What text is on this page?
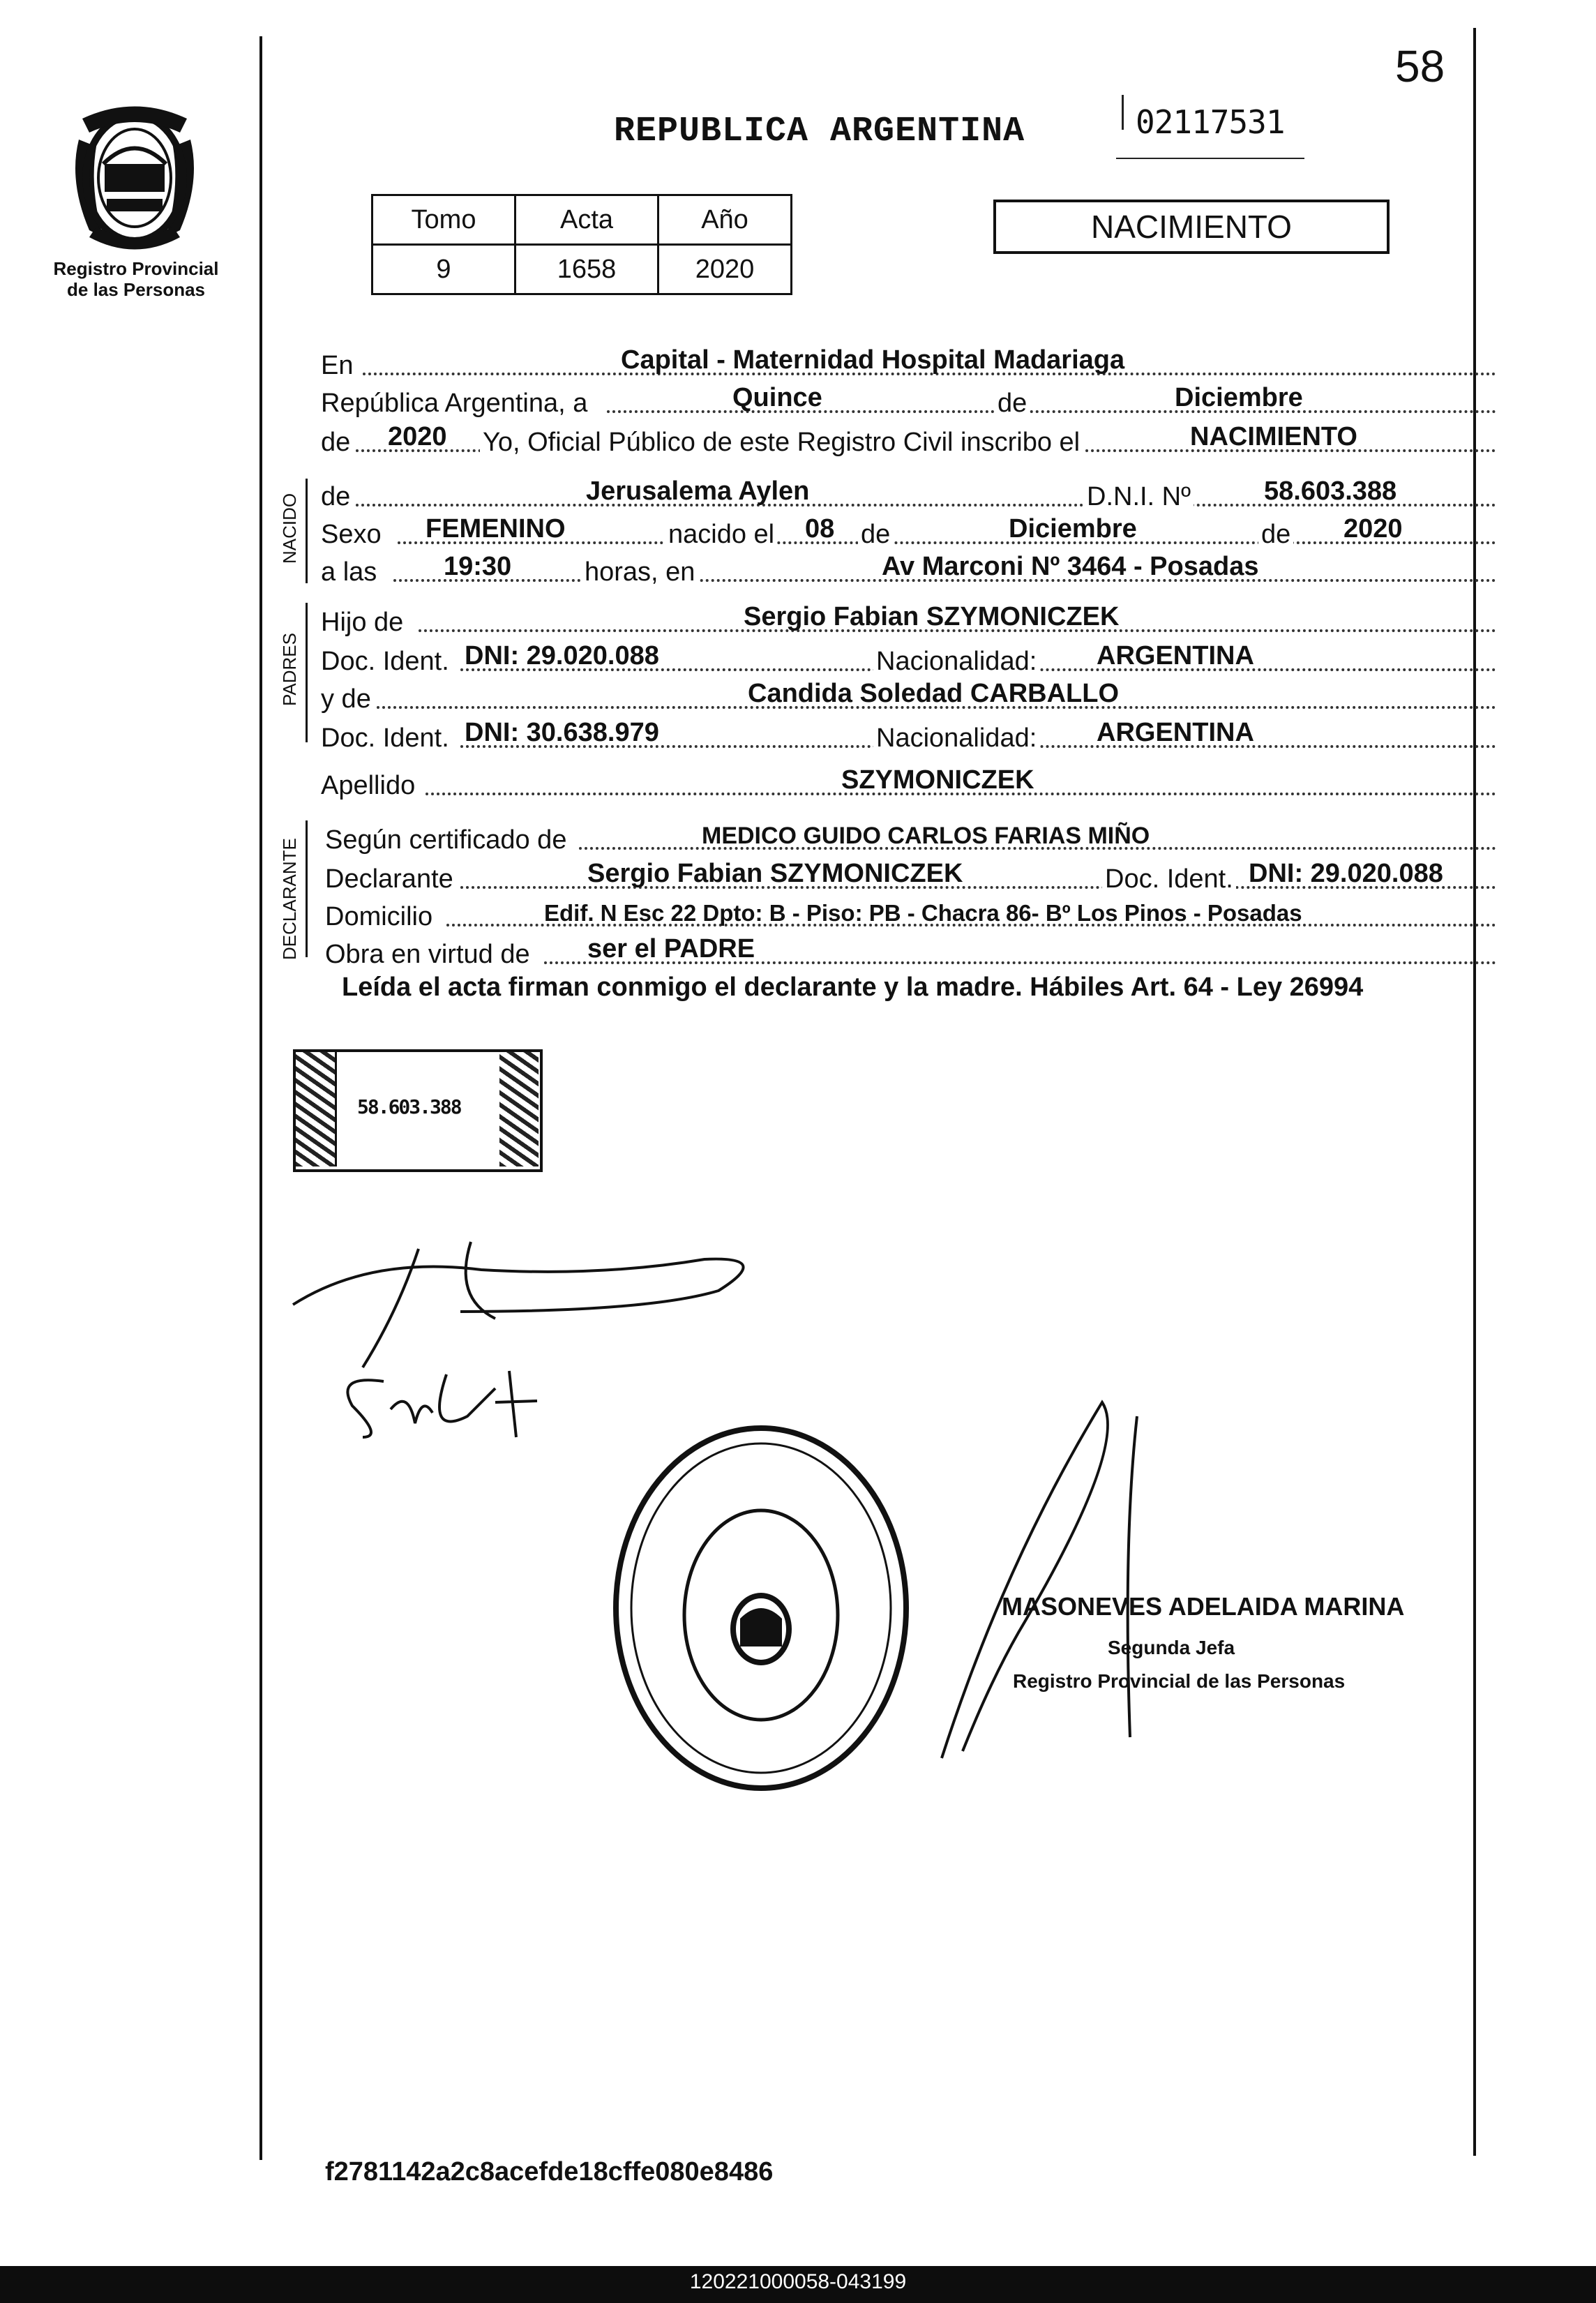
58
Registro Provincial
de las Personas
REPUBLICA ARGENTINA	02117531
Tomo	Acta	Año
9	1658	2020
NACIMIENTO
En	Capital - Maternidad Hospital Madariaga
República Argentina, a	Quince	de	Diciembre
de 2020 Yo, Oficial Público de este Registro Civil inscribo el	NACIMIENTO
NACIDO de	Jerusalema Aylen	D.N.I. Nº	58.603.388
Sexo FEMENINO	nacido el 08 de	Diciembre	de 2020
a las	19:30	horas, en	Av Marconi Nº 3464 - Posadas
PADRES
Hijo de	Sergio Fabian SZYMONICZEK
Doc. Ident. DNI: 29.020.088	Nacionalidad: ARGENTINA
y de	Candida Soledad CARBALLO
Doc. Ident. DNI: 30.638.979	Nacionalidad: ARGENTINA
Apellido	SZYMONICZEK
DECLARANTE Según certificado de	MEDICO GUIDO CARLOS FARIAS MIÑO
Declarante	Sergio Fabian SZYMONICZEK	Doc. Ident. DNI: 29.020.088
Domicilio	Edif. N Esc 22 Dpto: B - Piso: PB - Chacra 86- Bº Los Pinos - Posadas
Obra en virtud de ser el PADRE
Leída el acta firman conmigo el declarante y la madre. Hábiles Art. 64 - Ley 26994
58.603.388
MASONEVES ADELAIDA MARINA
Segunda Jefa
Registro Provincial de las Personas
f2781142a2c8acefde18cffe080e8486
120221000058-043199
